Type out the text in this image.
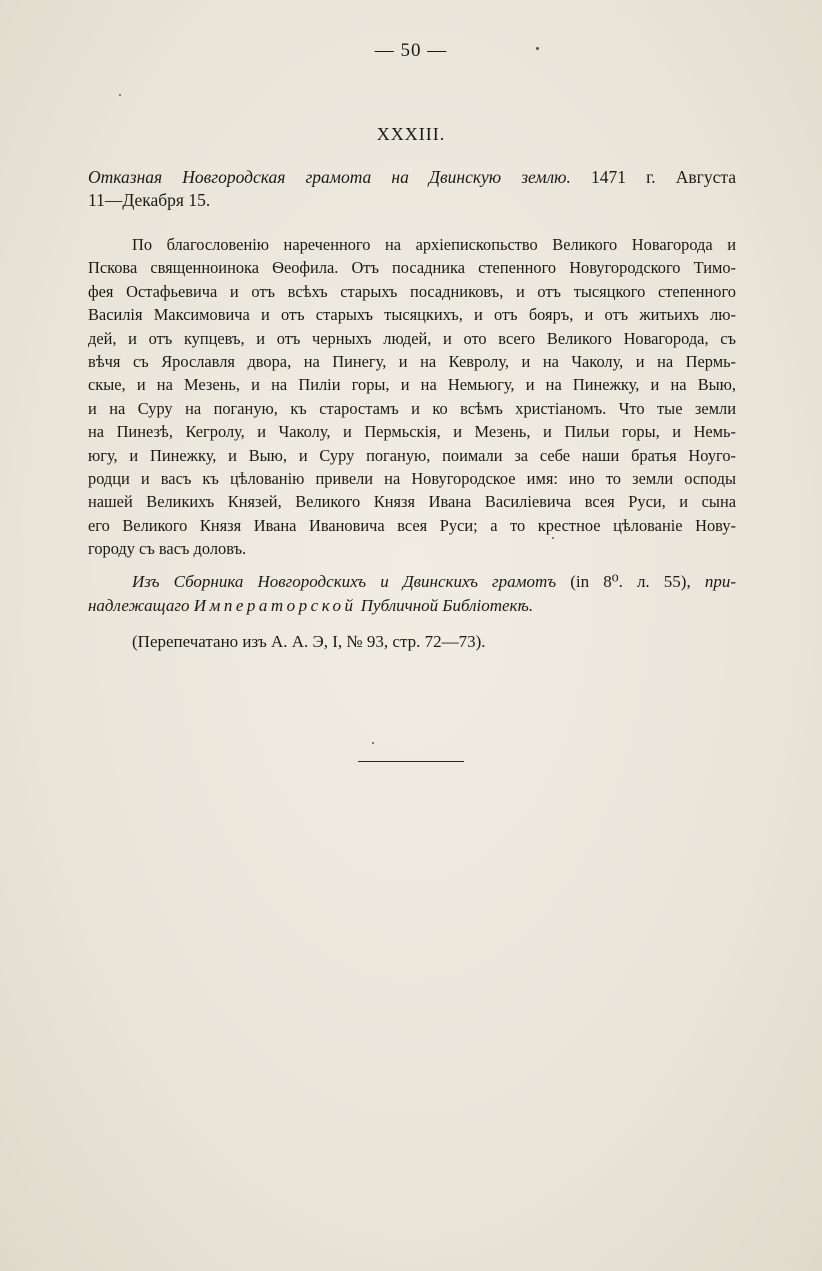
— 50 —
XXXIII.
Отказная Новгородская грамота на Двинскую землю. 1471 г. Августа
11—Декабря 15.
По благословенію нареченного на архіепископьство Великого Новагорода и
Пскова священноинока Ѳеофила. Отъ посадника степенного Новугородского Тимо-
фея Остафьевича и отъ всѣхъ старыхъ посадниковъ, и отъ тысяцкого степенного
Василія Максимовича и отъ старыхъ тысяцкихъ, и отъ бояръ, и отъ житьихъ лю-
дей, и отъ купцевъ, и отъ черныхъ людей, и ото всего Великого Новагорода, съ
вѣчя съ Ярославля двора, на Пинегу, и на Кевролу, и на Чаколу, и на Пермь-
скые, и на Мезень, и на Пиліи горы, и на Немьюгу, и на Пинежку, и на Выю,
и на Суру на поганую, къ старостамъ и ко всѣмъ христіаномъ. Что тые земли
на Пинезѣ, Кегролу, и Чаколу, и Пермьскія, и Мезень, и Пильи горы, и Немь-
югу, и Пинежку, и Выю, и Суру поганую, поимали за себе наши братья Ноуго-
родци и васъ къ цѣлованію привели на Новугородское имя: ино то земли осподы
нашей Великихъ Князей, Великого Князя Ивана Василіевича всея Руси, и сына
его Великого Князя Ивана Ивановича всея Руси; а то крестное цѣлованіе Нову-
городу съ васъ доловъ.
Изъ Сборника Новгородскихъ и Двинскихъ грамотъ (in 8⁰. л. 55), при-
надлежащаго Императорской Публичной Библіотекѣ.
(Перепечатано изъ А. А. Э, I, № 93, стр. 72—73).
